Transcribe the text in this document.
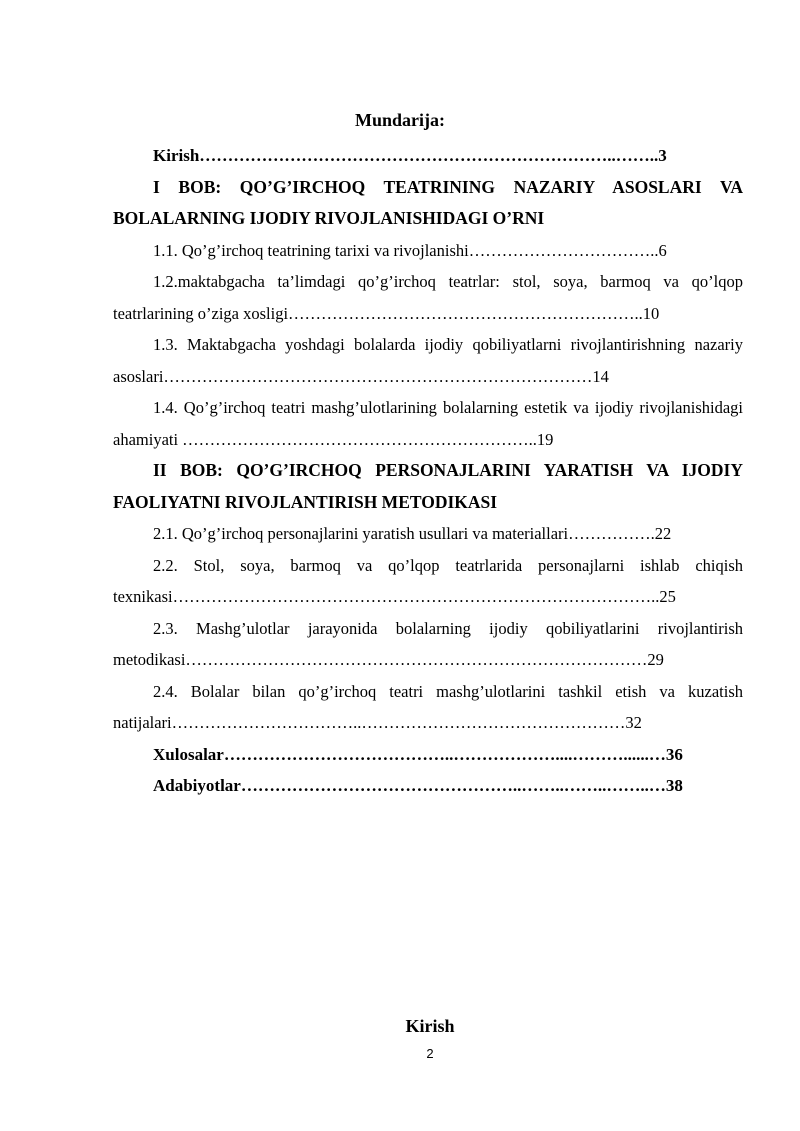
Mundarija:
Kirish………………………………………………………………..……..3
I BOB: QO’G’IRCHOQ TEATRINING NAZARIY ASOSLARI VA BOLALARNING IJODIY RIVOJLANISHIDAGI O’RNI
1.1. Qo’g’irchoq teatrining tarixi va rivojlanishi……………………………..6
1.2.maktabgacha ta’limdagi qo’g’irchoq teatrlar: stol, soya, barmoq va qo’lqop teatrlarining o’ziga xosligi………………………………………………………..10
1.3. Maktabgacha yoshdagi bolalarda ijodiy qobiliyatlarni rivojlantirishning nazariy asoslari……………………………………………………………………14
1.4. Qo’g’irchoq teatri mashg’ulotlarining bolalarning estetik va ijodiy rivojlanishidagi ahamiyati ………………………………………………………..19
II BOB: QO’G’IRCHOQ PERSONAJLARINI YARATISH VA IJODIY FAOLIYATNI RIVOJLANTIRISH METODIKASI
2.1. Qo’g’irchoq personajlarini yaratish usullari va materiallari…………….22
2.2. Stol, soya, barmoq va qo’lqop teatrlarida personajlarni ishlab chiqish texnikasi……………………………………………………………………………..25
2.3. Mashg’ulotlar jarayonida bolalarning ijodiy qobiliyatlarini rivojlantirish metodikasi…………………………………………………………………………29
2.4. Bolalar bilan qo’g’irchoq teatri mashg’ulotlarini tashkil etish va kuzatish natijalari……………………………..…………………………………………32
Xulosalar…………………………………..………………....………......…36
Adabiyotlar…………………………………………..……..……..……..…38
Kirish
2
